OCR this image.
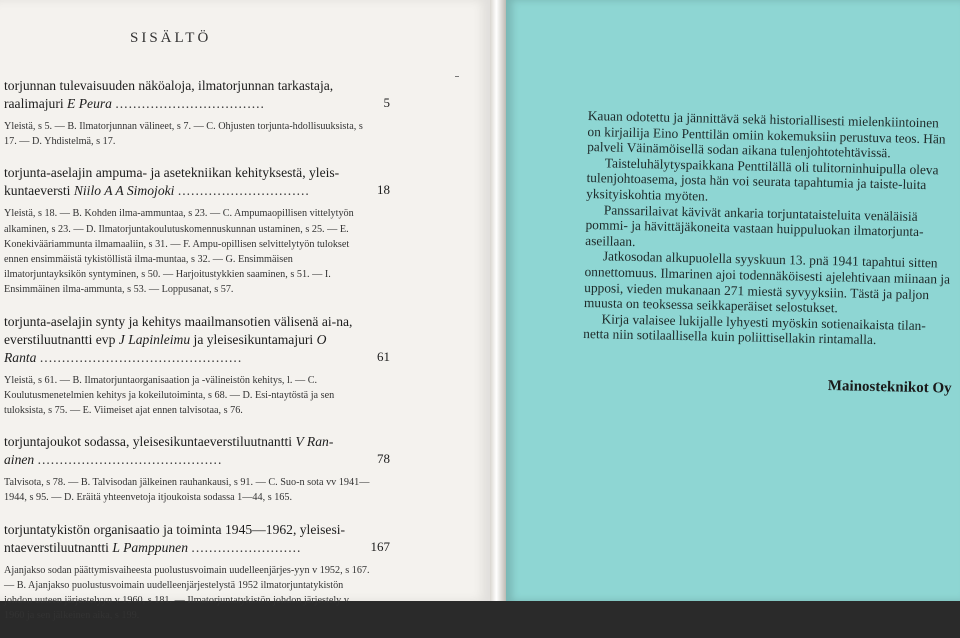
SISÄLTÖ

torjunnan tulevaisuuden näköaloja, ilmatorjunnan tarkastaja, raalimajuri E Peura ..................................	5

Yleistä, s 5. — B. Ilmatorjunnan välineet, s 7. — C. Ohjusten torjunta-hdollisuuksista, s 17. — D. Yhdistelmä, s 17.

torjunta-aselajin ampuma- ja asetekniikan kehityksestä, yleis-kuntaeversti Niilo A A Simojoki ..............................	18

Yleistä, s 18. — B. Kohden ilma-ammuntaa, s 23. — C. Ampumaopillisen vittelytyön alkaminen, s 23. — D. Ilmatorjuntakoulutuskomennuskunnan ustaminen, s 25. — E. Konekivääriammunta ilmamaaliin, s 31. — F. Ampu-opillisen selvittelytyön tulokset ennen ensimmäistä tykistöllistä ilma-muntaa, s 32. — G. Ensimmäisen ilmatorjuntayksikön syntyminen, s 50. — Harjoitustykkien saaminen, s 51. — I. Ensimmäinen ilma-ammunta, s 53. — Loppusanat, s 57.

torjunta-aselajin synty ja kehitys maailmansotien välisenä ai-na, everstiluutnantti evp J Lapinleimu ja yleisesikuntamajuri O Ranta ..............................................	61

Yleistä, s 61. — B. Ilmatorjuntaorganisaation ja -välineistön kehitys, l. — C. Koulutusmenetelmien kehitys ja kokeilutoiminta, s 68. — D. Esi-ntaytöstä ja sen tuloksista, s 75. — E. Viimeiset ajat ennen talvisotaa, s 76.

torjuntajoukot sodassa, yleisesikuntaeverstiluutnantti V Ran-ainen ..........................................	78

Talvisota, s 78. — B. Talvisodan jälkeinen rauhankausi, s 91. — C. Suo-n sota vv 1941—1944, s 95. — D. Eräitä yhteenvetoja itjoukoista sodassa 1—44, s 165.

torjuntatykistön organisaatio ja toiminta 1945—1962, yleisesi-ntaeverstiluutnantti L Pamppunen .........................	167

Ajanjakso sodan päättymisvaiheesta puolustusvoimain uudelleenjärjes-yyn v 1952, s 167. — B. Ajanjakso puolustusvoimain uudelleenjärjestelystä 1952 ilmatorjuntatykistön johdon uuteen järjestelyyn v 1960, s 181. — Ilmatorjuntatykistön johdon järjestely v 1960 ja sen jälkeinen aika, s 199.

Kauan odotettu ja jännittävä sekä historiallisesti mielenkiintoinen on kirjailija Eino Penttilän omiin kokemuksiin perustuva teos. Hän palveli Väinämöisellä sodan aikana tulenjohtotehtävissä.

Taisteluhälytyspaikkana Penttilällä oli tulitorninhuipulla oleva tulenjohtoasema, josta hän voi seurata tapahtumia ja taiste-luita yksityiskohtia myöten.

Panssarilaivat kävivät ankaria torjuntataisteluita venäläisiä pommi- ja hävittäjäkoneita vastaan huippuluokan ilmatorjunta-aseillaan.

Jatkosodan alkupuolella syyskuun 13. pnä 1941 tapahtui sitten onnettomuus. Ilmarinen ajoi todennäköisesti ajelehtivaan miinaan ja upposi, vieden mukanaan 271 miestä syvyyksiin. Tästä ja paljon muusta on teoksessa seikkaperäiset selostukset.

Kirja valaisee lukijalle lyhyesti myöskin sotienaikaista tilan-netta niin sotilaallisella kuin poliittisellakin rintamalla.

Mainosteknikot Oy
